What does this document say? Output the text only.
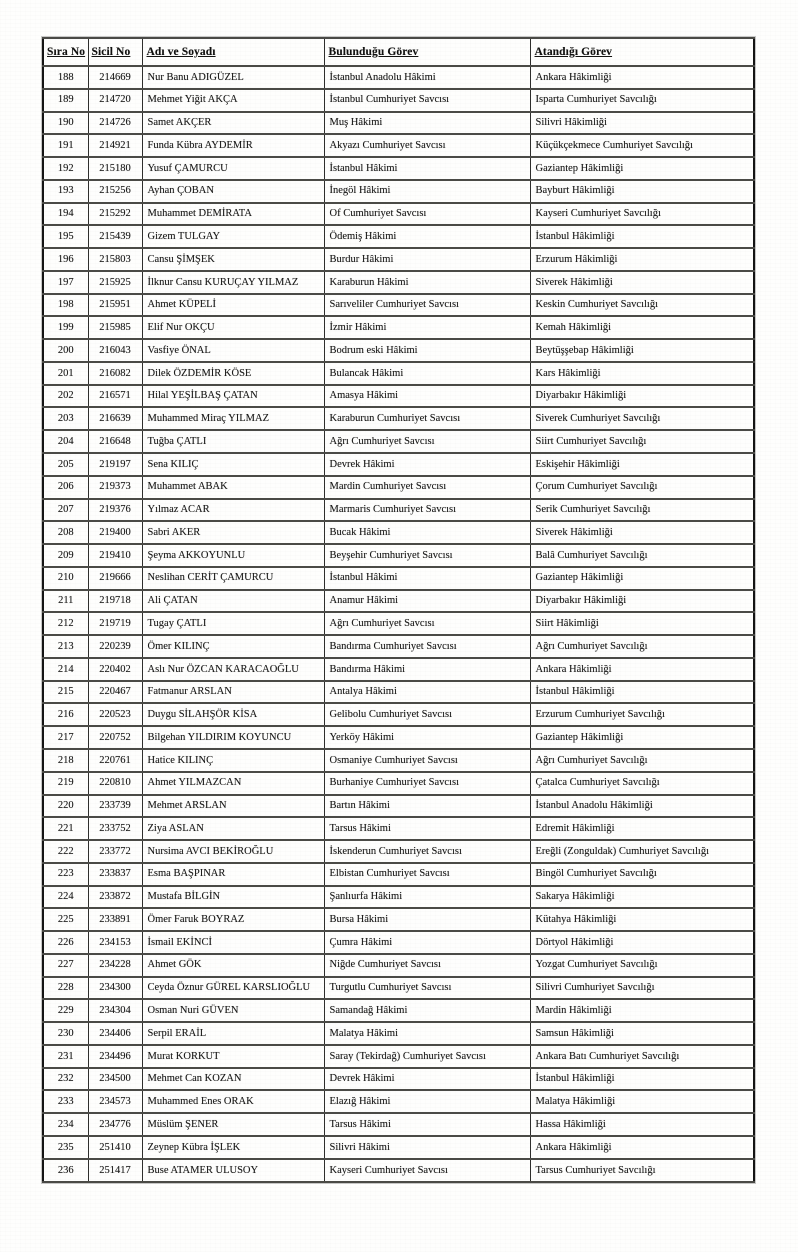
Sıra No	Sicil No	Adı ve Soyadı	Bulunduğu Görev	Atandığı Görev
188	214669	Nur Banu ADIGÜZEL	İstanbul Anadolu Hâkimi	Ankara Hâkimliği
189	214720	Mehmet Yiğit AKÇA	İstanbul Cumhuriyet Savcısı	Isparta Cumhuriyet Savcılığı
190	214726	Samet AKÇER	Muş Hâkimi	Silivri Hâkimliği
191	214921	Funda Kübra AYDEMİR	Akyazı Cumhuriyet Savcısı	Küçükçekmece Cumhuriyet Savcılığı
192	215180	Yusuf ÇAMURCU	İstanbul Hâkimi	Gaziantep Hâkimliği
193	215256	Ayhan ÇOBAN	İnegöl Hâkimi	Bayburt Hâkimliği
194	215292	Muhammet DEMİRATA	Of Cumhuriyet Savcısı	Kayseri Cumhuriyet Savcılığı
195	215439	Gizem TULGAY	Ödemiş Hâkimi	İstanbul Hâkimliği
196	215803	Cansu ŞİMŞEK	Burdur Hâkimi	Erzurum Hâkimliği
197	215925	İlknur Cansu KURUÇAY YILMAZ	Karaburun Hâkimi	Siverek Hâkimliği
198	215951	Ahmet KÜPELİ	Sarıveliler Cumhuriyet Savcısı	Keskin Cumhuriyet Savcılığı
199	215985	Elif Nur OKÇU	İzmir Hâkimi	Kemah Hâkimliği
200	216043	Vasfiye ÖNAL	Bodrum eski Hâkimi	Beytüşşebap Hâkimliği
201	216082	Dilek ÖZDEMİR KÖSE	Bulancak Hâkimi	Kars Hâkimliği
202	216571	Hilal YEŞİLBAŞ ÇATAN	Amasya Hâkimi	Diyarbakır Hâkimliği
203	216639	Muhammed Miraç YILMAZ	Karaburun Cumhuriyet Savcısı	Siverek Cumhuriyet Savcılığı
204	216648	Tuğba ÇATLI	Ağrı Cumhuriyet Savcısı	Siirt Cumhuriyet Savcılığı
205	219197	Sena KILIÇ	Devrek Hâkimi	Eskişehir Hâkimliği
206	219373	Muhammet ABAK	Mardin Cumhuriyet Savcısı	Çorum Cumhuriyet Savcılığı
207	219376	Yılmaz ACAR	Marmaris Cumhuriyet Savcısı	Serik Cumhuriyet Savcılığı
208	219400	Sabri AKER	Bucak Hâkimi	Siverek Hâkimliği
209	219410	Şeyma AKKOYUNLU	Beyşehir Cumhuriyet Savcısı	Balâ Cumhuriyet Savcılığı
210	219666	Neslihan CERİT ÇAMURCU	İstanbul Hâkimi	Gaziantep Hâkimliği
211	219718	Ali ÇATAN	Anamur Hâkimi	Diyarbakır Hâkimliği
212	219719	Tugay ÇATLI	Ağrı Cumhuriyet Savcısı	Siirt Hâkimliği
213	220239	Ömer KILINÇ	Bandırma Cumhuriyet Savcısı	Ağrı Cumhuriyet Savcılığı
214	220402	Aslı Nur ÖZCAN KARACAOĞLU	Bandırma Hâkimi	Ankara Hâkimliği
215	220467	Fatmanur ARSLAN	Antalya Hâkimi	İstanbul Hâkimliği
216	220523	Duygu SİLAHŞÖR KİSA	Gelibolu Cumhuriyet Savcısı	Erzurum Cumhuriyet Savcılığı
217	220752	Bilgehan YILDIRIM KOYUNCU	Yerköy Hâkimi	Gaziantep Hâkimliği
218	220761	Hatice KILINÇ	Osmaniye Cumhuriyet Savcısı	Ağrı Cumhuriyet Savcılığı
219	220810	Ahmet YILMAZCAN	Burhaniye Cumhuriyet Savcısı	Çatalca Cumhuriyet Savcılığı
220	233739	Mehmet ARSLAN	Bartın Hâkimi	İstanbul Anadolu Hâkimliği
221	233752	Ziya ASLAN	Tarsus Hâkimi	Edremit Hâkimliği
222	233772	Nursima AVCI BEKİROĞLU	İskenderun Cumhuriyet Savcısı	Ereğli (Zonguldak) Cumhuriyet Savcılığı
223	233837	Esma BAŞPINAR	Elbistan Cumhuriyet Savcısı	Bingöl Cumhuriyet Savcılığı
224	233872	Mustafa BİLGİN	Şanlıurfa Hâkimi	Sakarya Hâkimliği
225	233891	Ömer Faruk BOYRAZ	Bursa Hâkimi	Kütahya Hâkimliği
226	234153	İsmail EKİNCİ	Çumra Hâkimi	Dörtyol Hâkimliği
227	234228	Ahmet GÖK	Niğde Cumhuriyet Savcısı	Yozgat Cumhuriyet Savcılığı
228	234300	Ceyda Öznur GÜREL KARSLIOĞLU	Turgutlu Cumhuriyet Savcısı	Silivri Cumhuriyet Savcılığı
229	234304	Osman Nuri GÜVEN	Samandağ Hâkimi	Mardin Hâkimliği
230	234406	Serpil ERAİL	Malatya Hâkimi	Samsun Hâkimliği
231	234496	Murat KORKUT	Saray (Tekirdağ) Cumhuriyet Savcısı	Ankara Batı Cumhuriyet Savcılığı
232	234500	Mehmet Can KOZAN	Devrek Hâkimi	İstanbul Hâkimliği
233	234573	Muhammed Enes ORAK	Elazığ Hâkimi	Malatya Hâkimliği
234	234776	Müslüm ŞENER	Tarsus Hâkimi	Hassa Hâkimliği
235	251410	Zeynep Kübra İŞLEK	Silivri Hâkimi	Ankara Hâkimliği
236	251417	Buse ATAMER ULUSOY	Kayseri Cumhuriyet Savcısı	Tarsus Cumhuriyet Savcılığı
